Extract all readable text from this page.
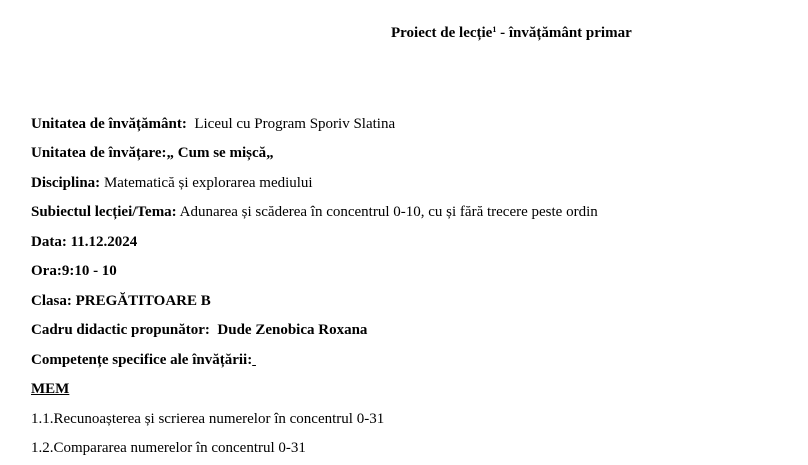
Proiect de lecție$^1$ - învățământ primar
Unitatea de învățământ:  Liceul cu Program Sporiv Slatina
Unitatea de învățare:„ Cum se mișcă„
Disciplina: Matematică și explorarea mediului
Subiectul lecției/Tema: Adunarea și scăderea în concentrul 0-10, cu și fără trecere peste ordin
Data: 11.12.2024
Ora:9:10 - 10
Clasa: PREGĂTITOARE B
Cadru didactic propunător:  Dude Zenobica Roxana
Competențe specifice ale învățării:
MEM
1.1.Recunoașterea și scrierea numerelor în concentrul 0-31
1.2.Compararea numerelor în concentrul 0-31
